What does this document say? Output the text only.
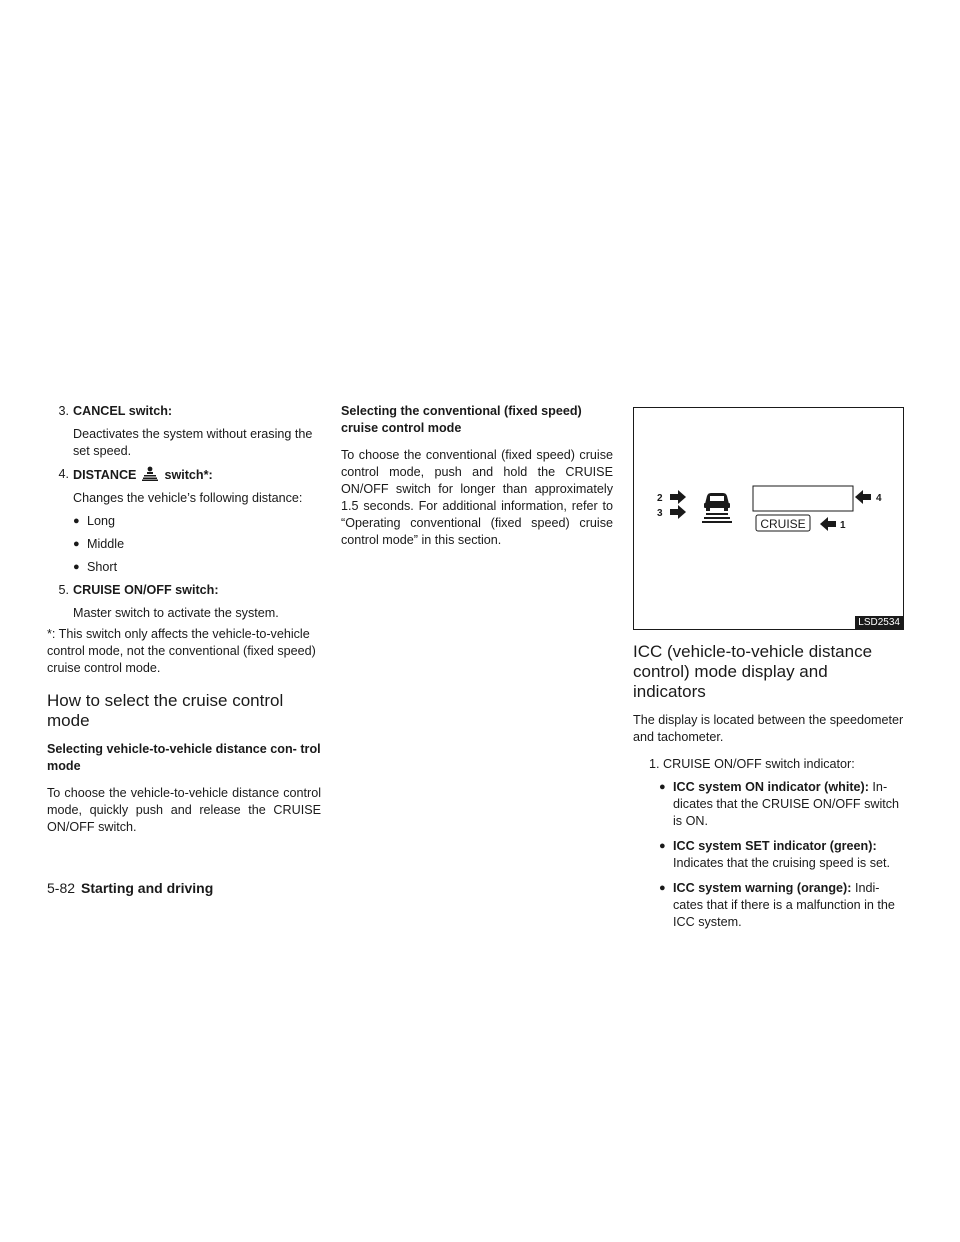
3. CANCEL switch:
Deactivates the system without erasing the set speed.
4. DISTANCE switch*:
Changes the vehicle’s following distance:
● Long
● Middle
● Short
5. CRUISE ON/OFF switch:
Master switch to activate the system.

*: This switch only affects the vehicle-to-vehicle control mode, not the conventional (fixed speed) cruise control mode.

How to select the cruise control mode
Selecting vehicle-to-vehicle distance con- trol mode

To choose the vehicle-to-vehicle distance control mode, quickly push and release the CRUISE ON/OFF switch.

Selecting the conventional (fixed speed) cruise control mode

To choose the conventional (fixed speed) cruise control mode, push and hold the CRUISE ON/OFF switch for longer than approximately 1.5 seconds. For additional information, refer to “Operating conventional (fixed speed) cruise control mode” in this section.

2
3
4
CRUISE	1
LSD2534
ICC (vehicle-to-vehicle distance control) mode display and indicators

The display is located between the speedometer and tachometer.

1. CRUISE ON/OFF switch indicator:
● ICC system ON indicator (white): In- dicates that the CRUISE ON/OFF switch is ON.
● ICC system SET indicator (green): Indicates that the cruising speed is set.
● ICC system warning (orange): Indi- cates that if there is a malfunction in the ICC system.
5-82 Starting and driving
